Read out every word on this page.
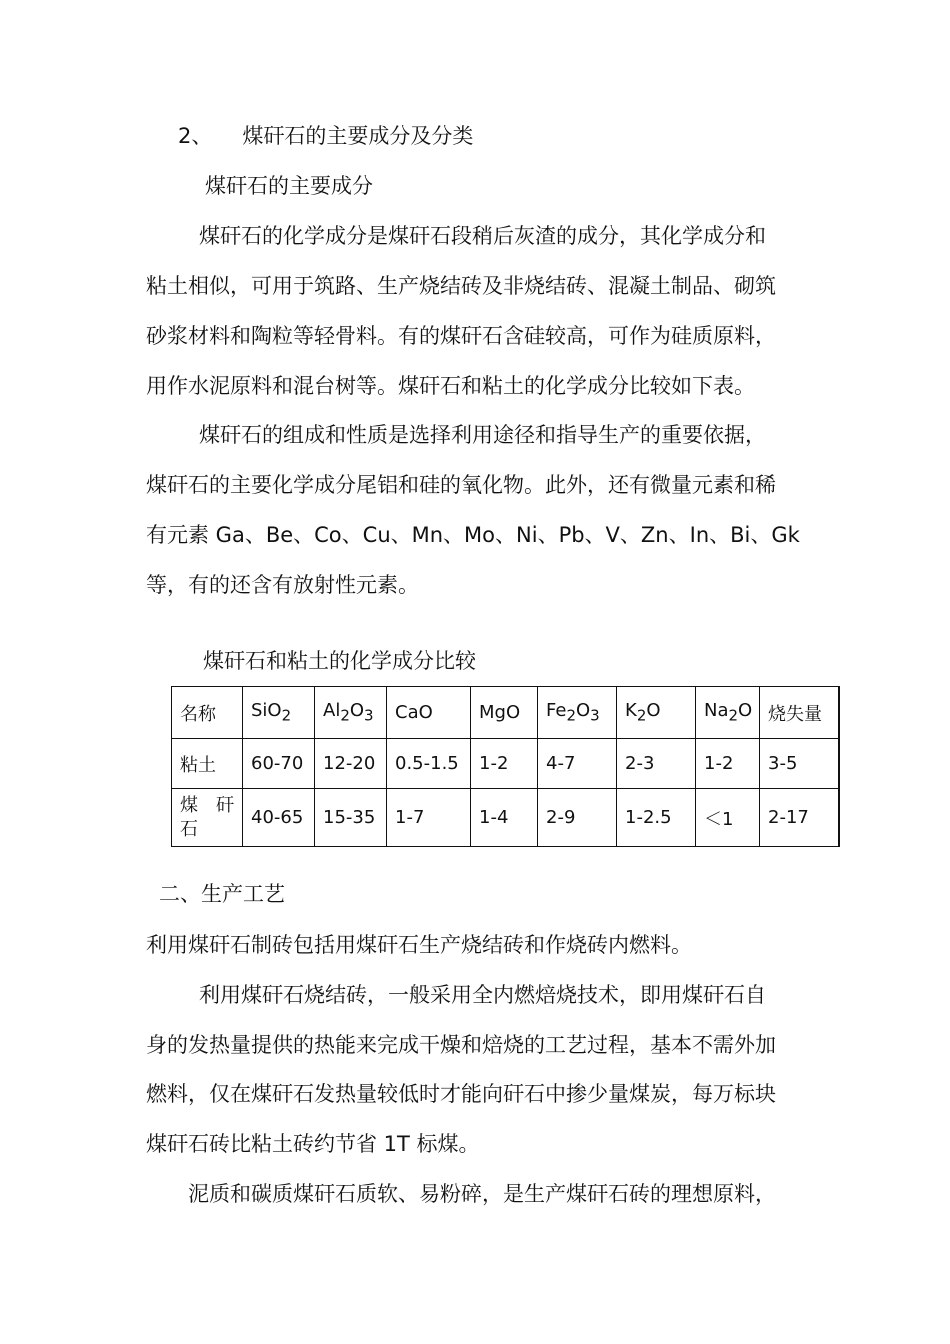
2、 煤矸石的主要成分及分类
煤矸石的主要成分
煤矸石的化学成分是煤矸石段稍后灰渣的成分，其化学成分和
粘土相似，可用于筑路、生产烧结砖及非烧结砖、混凝土制品、砌筑
砂浆材料和陶粒等轻骨料。有的煤矸石含硅较高，可作为硅质原料，
用作水泥原料和混台树等。煤矸石和粘土的化学成分比较如下表。
煤矸石的组成和性质是选择利用途径和指导生产的重要依据，
煤矸石的主要化学成分尾铝和硅的氧化物。此外，还有微量元素和稀
有元素 Ga、Be、Co、Cu、Mn、Mo、Ni、Pb、V、Zn、In、Bi、Gk
等，有的还含有放射性元素。
煤矸石和粘土的化学成分比较
名称	SiO$_2$	$Al_2O_3$	CaO	MgO	$Fe_2O_3$	$K_2O$	$Na_2O$	烧失量
粘土	60-70	12-20	0.5-1.5	1-2	4-7	2-3	1-2	3-5

煤　矸石	40-65	15-35	1-7	1-4	2-9	1-2.5	＜1	2-17
二、生产工艺
利用煤矸石制砖包括用煤矸石生产烧结砖和作烧砖内燃料。
利用煤矸石烧结砖，一般采用全内燃焙烧技术，即用煤矸石自
身的发热量提供的热能来完成干燥和焙烧的工艺过程，基本不需外加
燃料，仅在煤矸石发热量较低时才能向矸石中掺少量煤炭，每万标块
煤矸石砖比粘土砖约节省 1T 标煤。
泥质和碳质煤矸石质软、易粉碎，是生产煤矸石砖的理想原料，
